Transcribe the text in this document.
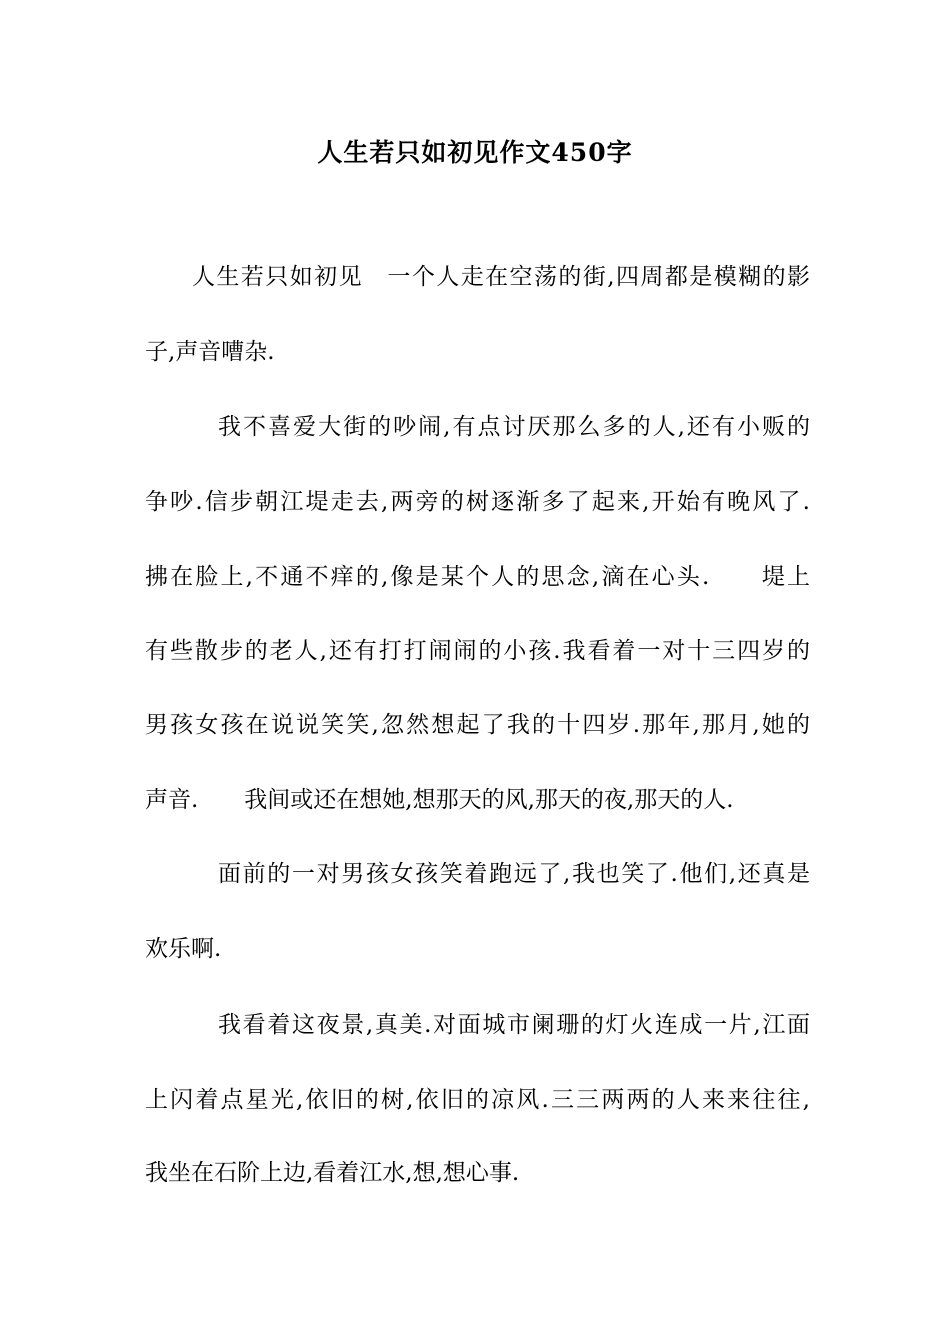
人生若只如初见作文450字
人生若只如初见　一个人走在空荡的街,四周都是模糊的影
子,声音嘈杂.
我不喜爱大街的吵闹,有点讨厌那么多的人,还有小贩的
争吵.信步朝江堤走去,两旁的树逐渐多了起来,开始有晚风了.
拂在脸上,不通不痒的,像是某个人的思念,滴在心头.　　堤上
有些散步的老人,还有打打闹闹的小孩.我看着一对十三四岁的
男孩女孩在说说笑笑,忽然想起了我的十四岁.那年,那月,她的
声音.　　我间或还在想她,想那天的风,那天的夜,那天的人.
面前的一对男孩女孩笑着跑远了,我也笑了.他们,还真是
欢乐啊.
我看着这夜景,真美.对面城市阑珊的灯火连成一片,江面
上闪着点星光,依旧的树,依旧的凉风.三三两两的人来来往往,
我坐在石阶上边,看着江水,想,想心事.
